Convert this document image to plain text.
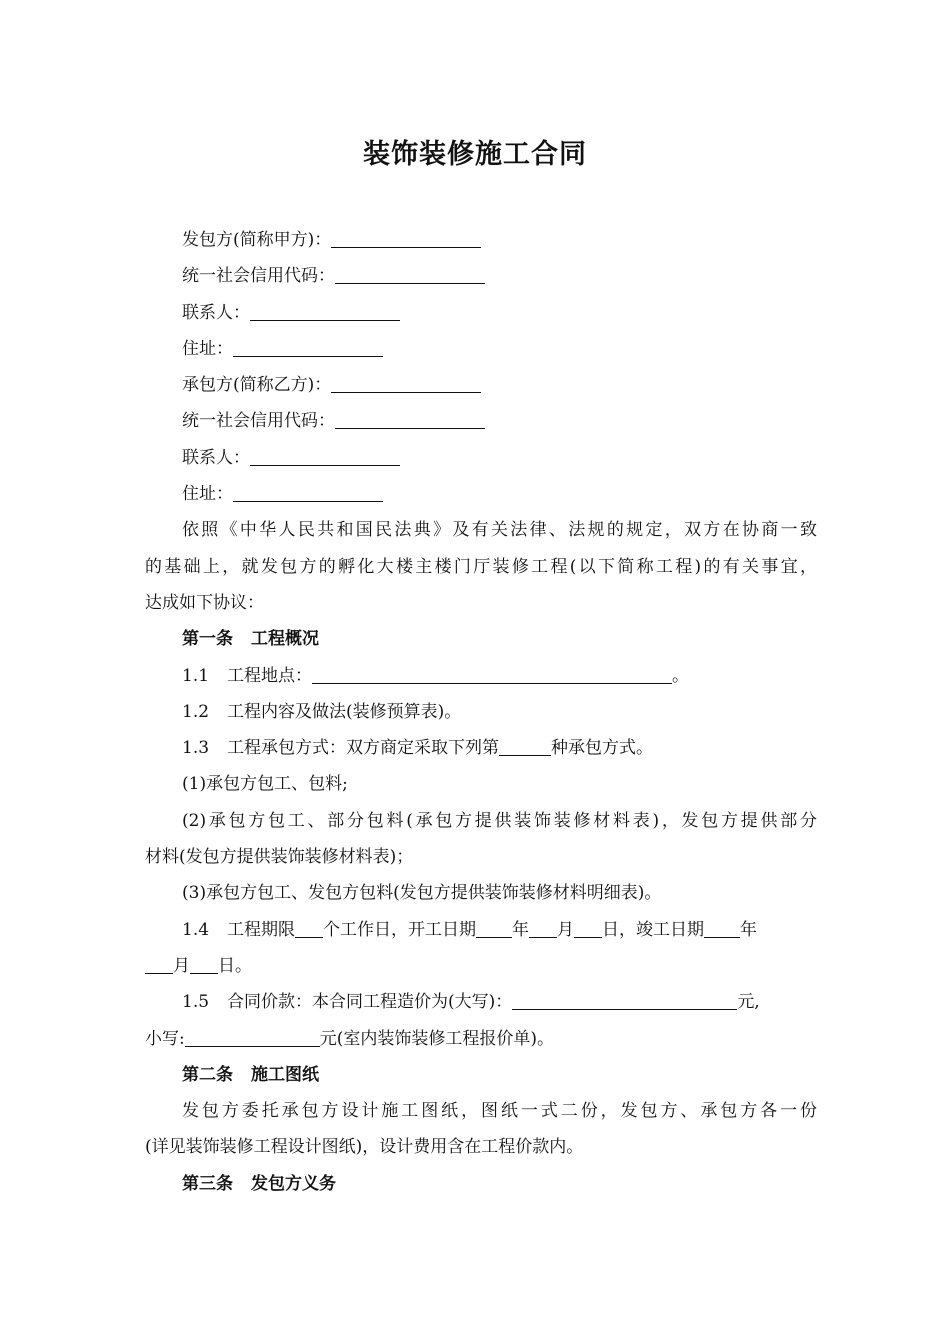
装饰装修施工合同
发包方(简称甲方)：
统一社会信用代码：
联系人：
住址：
承包方(简称乙方)：
统一社会信用代码：
联系人：
住址：
依照《中华人民共和国民法典》及有关法律、法规的规定，双方在协商一致
的基础上，就发包方的孵化大楼主楼门厅装修工程(以下简称工程)的有关事宜，
达成如下协议：
第一条 工程概况
1.1 工程地点：	。
1.2 工程内容及做法(装修预算表)。
1.3 工程承包方式：双方商定采取下列第	种承包方式。
(1)承包方包工、包料;
(2)承包方包工、部分包料(承包方提供装饰装修材料表)，发包方提供部分
材料(发包方提供装饰装修材料表)；
(3)承包方包工、发包方包料(发包方提供装饰装修材料明细表)。
1.4 工程期限 个工作日，开工日期 年 月 日，竣工日期 年
月 日。
1.5 合同价款：本合同工程造价为(大写)：	元,
小写:	元(室内装饰装修工程报价单)。
第二条 施工图纸
发包方委托承包方设计施工图纸，图纸一式二份，发包方、承包方各一份
(详见装饰装修工程设计图纸)，设计费用含在工程价款内。
第三条 发包方义务
